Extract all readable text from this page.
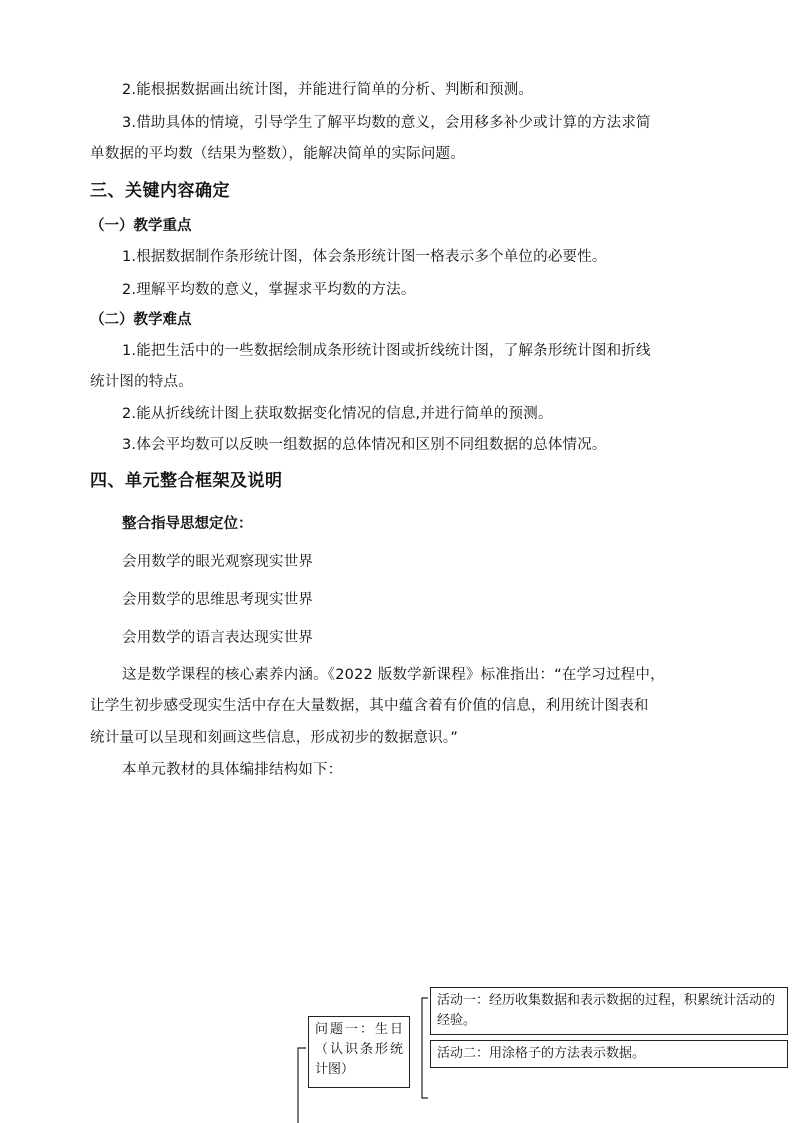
2.能根据数据画出统计图，并能进行简单的分析、判断和预测。
3.借助具体的情境，引导学生了解平均数的意义，会用移多补少或计算的方法求简
单数据的平均数（结果为整数），能解决简单的实际问题。
三、关键内容确定
（一）教学重点
1.根据数据制作条形统计图，体会条形统计图一格表示多个单位的必要性。
2.理解平均数的意义，掌握求平均数的方法。
（二）教学难点
1.能把生活中的一些数据绘制成条形统计图或折线统计图，了解条形统计图和折线
统计图的特点。
2.能从折线统计图上获取数据变化情况的信息,并进行简单的预测。
3.体会平均数可以反映一组数据的总体情况和区别不同组数据的总体情况。
四、单元整合框架及说明
整合指导思想定位：
会用数学的眼光观察现实世界
会用数学的思维思考现实世界
会用数学的语言表达现实世界
这是数学课程的核心素养内涵。《2022 版数学新课程》标准指出：“在学习过程中，
让学生初步感受现实生活中存在大量数据，其中蕴含着有价值的信息，利用统计图表和
统计量可以呈现和刻画这些信息，形成初步的数据意识。”
本单元教材的具体编排结构如下：
问题一：生日（认识条形统计图）
活动一：经历收集数据和表示数据的过程，积累统计活动的经验。
活动二：用涂格子的方法表示数据。
